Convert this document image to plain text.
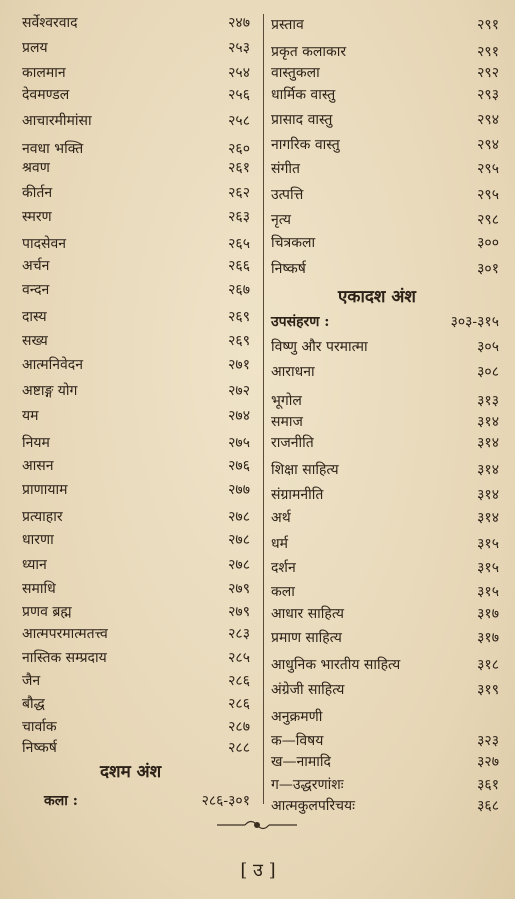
सर्वेश्वरवाद	२४७
प्रलय	२५३
कालमान	२५४
देवमण्डल	२५६
आचारमीमांसा	२५८
नवधा भक्ति	२६०
श्रवण	२६१
कीर्तन	२६२
स्मरण	२६३
पादसेवन	२६५
अर्चन	२६६
वन्दन	२६७
दास्य	२६९
सख्य	२६९
आत्मनिवेदन	२७१
अष्टाङ्ग योग	२७२
यम	२७४
नियम	२७५
आसन	२७६
प्राणायाम	२७७
प्रत्याहार	२७८
धारणा	२७८
ध्यान	२७८
समाधि	२७९
प्रणव ब्रह्म	२७९
आत्मपरमात्मतत्त्व	२८३
नास्तिक सम्प्रदाय	२८५
जैन	२८६
बौद्ध	२८६
चार्वाक	२८७
निष्कर्ष	२८८
दशम अंश
कला :	२८६-३०१
प्रस्ताव	२९१
प्रकृत कलाकार	२९१
वास्तुकला	२९२
धार्मिक वास्तु	२९३
प्रासाद वास्तु	२९४
नागरिक वास्तु	२९४
संगीत	२९५
उत्पत्ति	२९५
नृत्य	२९८
चित्रकला	३००
निष्कर्ष	३०१
विष्णु और परमात्मा	३०५
आराधना	३०८
भूगोल	३१३
समाज	३१४
राजनीति	३१४
शिक्षा साहित्य	३१४
संग्रामनीति	३१४
अर्थ	३१४
धर्म	३१५
दर्शन	३१५
कला	३१५
आधार साहित्य	३१७
प्रमाण साहित्य	३१७
आधुनिक भारतीय साहित्य	३१८
अंग्रेजी साहित्य	३१९
अनुक्रमणी
क—विषय	३२३
ख—नामादि	३२७
ग—उद्धरणांशः	३६१
आत्मकुलपरिचयः	३६८
एकादश अंश
उपसंहरण :	३०३-३१५
[ उ ]
